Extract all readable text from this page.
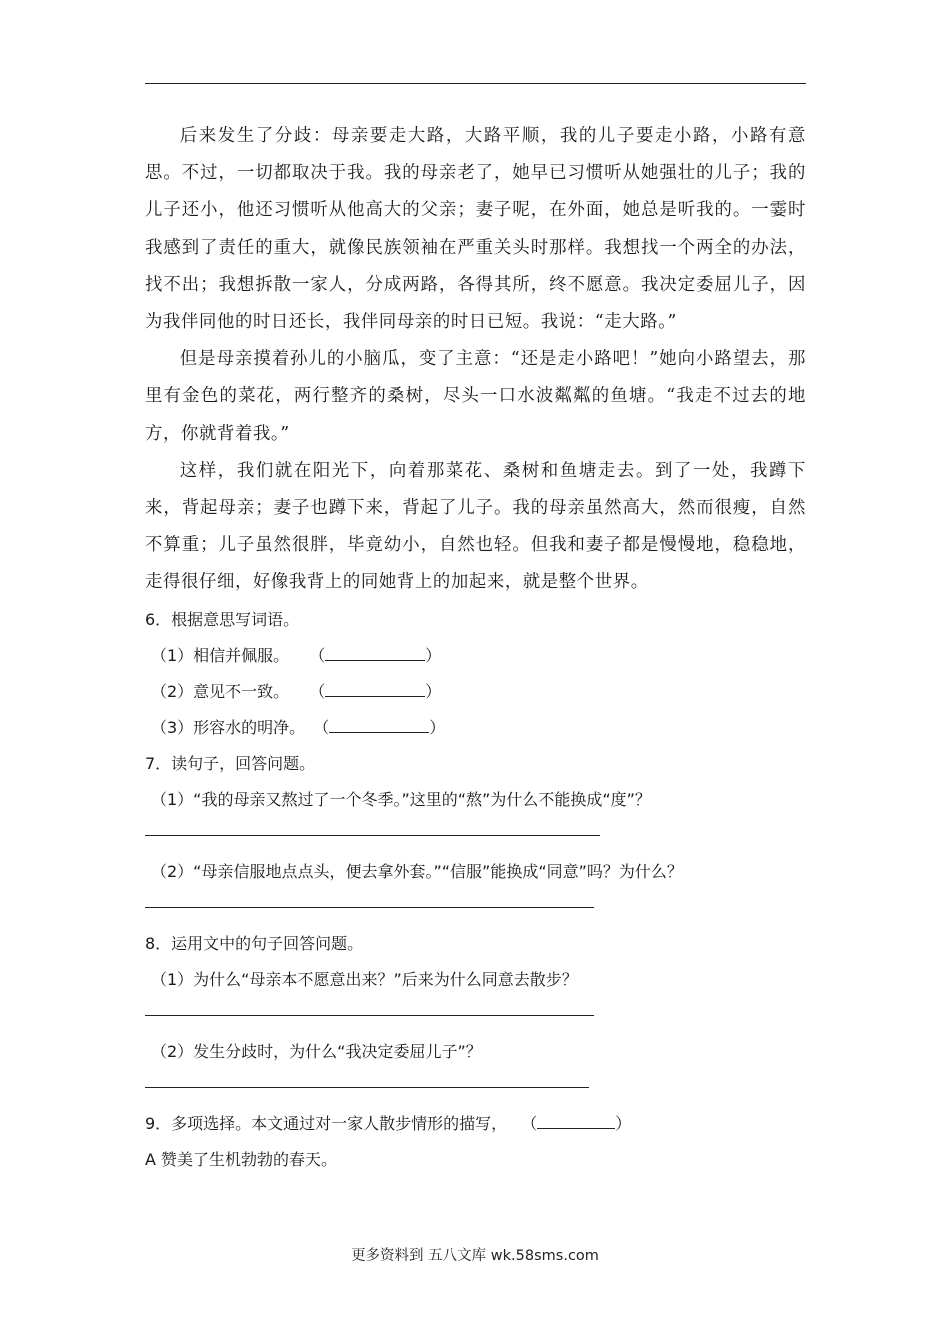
后来发生了分歧：母亲要走大路，大路平顺，我的儿子要走小路，小路有意思。不过，一切都取决于我。我的母亲老了，她早已习惯听从她强壮的儿子；我的儿子还小，他还习惯听从他高大的父亲；妻子呢，在外面，她总是听我的。一霎时我感到了责任的重大，就像民族领袖在严重关头时那样。我想找一个两全的办法，找不出；我想拆散一家人，分成两路，各得其所，终不愿意。我决定委屈儿子，因为我伴同他的时日还长，我伴同母亲的时日已短。我说：“走大路。”

但是母亲摸着孙儿的小脑瓜，变了主意：“还是走小路吧！”她向小路望去，那里有金色的菜花，两行整齐的桑树，尽头一口水波粼粼的鱼塘。“我走不过去的地方，你就背着我。”

这样，我们就在阳光下，向着那菜花、桑树和鱼塘走去。到了一处，我蹲下来，背起母亲；妻子也蹲下来，背起了儿子。我的母亲虽然高大，然而很瘦，自然不算重；儿子虽然很胖，毕竟幼小，自然也轻。但我和妻子都是慢慢地，稳稳地，走得很仔细，好像我背上的同她背上的加起来，就是整个世界。

6．根据意思写词语。

（1）相信并佩服。 （	）

（2）意见不一致。 （	）

（3）形容水的明净。 （	）

7．读句子，回答问题。

（1）“我的母亲又熬过了一个冬季。”这里的“熬”为什么不能换成“度”？

（2）“母亲信服地点点头，便去拿外套。”“信服”能换成“同意”吗？为什么？

8．运用文中的句子回答问题。

（1）为什么“母亲本不愿意出来？”后来为什么同意去散步？

（2）发生分歧时，为什么“我决定委屈儿子”？

9．多项选择。本文通过对一家人散步情形的描写， （	）

A 赞美了生机勃勃的春天。

更多资料到 五八文库 wk.58sms.com
